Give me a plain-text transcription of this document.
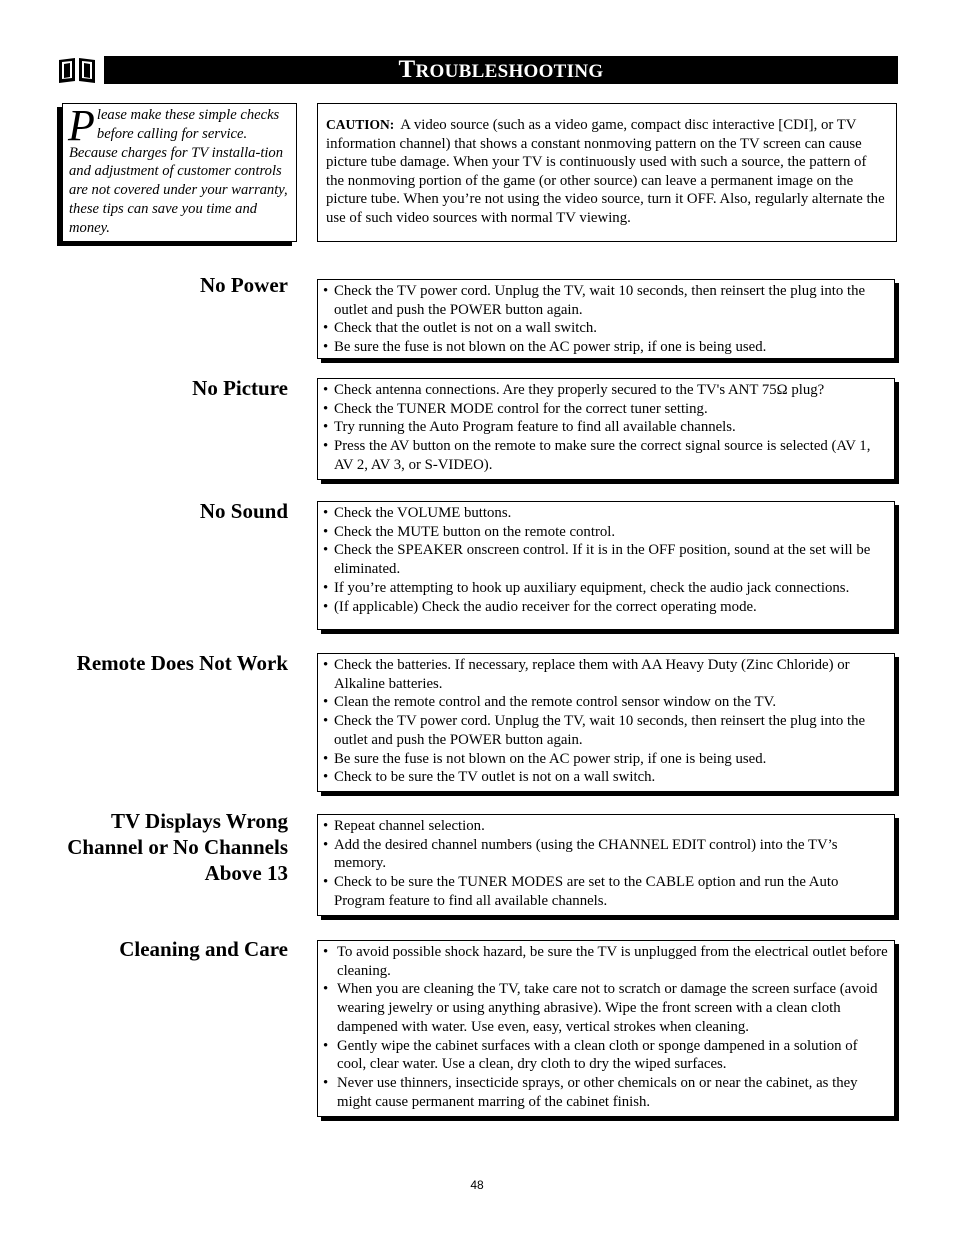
TROUBLESHOOTING
Please make these simple checks before calling for service. Because charges for TV installa-tion and adjustment of customer controls are not covered under your warranty, these tips can save you time and money.
CAUTION: A video source (such as a video game, compact disc interactive [CDI], or TV information channel) that shows a constant nonmoving pattern on the TV screen can cause picture tube damage. When your TV is continuously used with such a source, the pattern of the nonmoving portion of the game (or other source) can leave a permanent image on the picture tube. When you’re not using the video source, turn it OFF. Also, regularly alternate the use of such video sources with normal TV viewing.
No Power	• Check the TV power cord. Unplug the TV, wait 10 seconds, then reinsert the plug into the outlet and push the POWER button again.
• Check that the outlet is not on a wall switch.
• Be sure the fuse is not blown on the AC power strip, if one is being used.
No Picture	• Check antenna connections. Are they properly secured to the TV's ANT 75Ω plug?
• Check the TUNER MODE control for the correct tuner setting.
• Try running the Auto Program feature to find all available channels.
• Press the AV button on the remote to make sure the correct signal source is selected (AV 1, AV 2, AV 3, or S-VIDEO).
No Sound	• Check the VOLUME buttons.
• Check the MUTE button on the remote control.
• Check the SPEAKER onscreen control. If it is in the OFF position, sound at the set will be eliminated.
• If you’re attempting to hook up auxiliary equipment, check the audio jack connections.
• (If applicable) Check the audio receiver for the correct operating mode.
Remote Does Not Work	• Check the batteries. If necessary, replace them with AA Heavy Duty (Zinc Chloride) or Alkaline batteries.
• Clean the remote control and the remote control sensor window on the TV.
• Check the TV power cord. Unplug the TV, wait 10 seconds, then reinsert the plug into the outlet and push the POWER button again.
• Be sure the fuse is not blown on the AC power strip, if one is being used.
• Check to be sure the TV outlet is not on a wall switch.
TV Displays Wrong Channel or No Channels Above 13
• Repeat channel selection.
• Add the desired channel numbers (using the CHANNEL EDIT control) into the TV’s memory.
• Check to be sure the TUNER MODES are set to the CABLE option and run the Auto Program feature to find all available channels.
Cleaning and Care	• To avoid possible shock hazard, be sure the TV is unplugged from the electrical outlet before cleaning.
• When you are cleaning the TV, take care not to scratch or damage the screen surface (avoid wearing jewelry or using anything abrasive). Wipe the front screen with a clean cloth dampened with water. Use even, easy, vertical strokes when cleaning.
• Gently wipe the cabinet surfaces with a clean cloth or sponge dampened in a solution of cool, clear water. Use a clean, dry cloth to dry the wiped surfaces.
• Never use thinners, insecticide sprays, or other chemicals on or near the cabinet, as they might cause permanent marring of the cabinet finish.
48
